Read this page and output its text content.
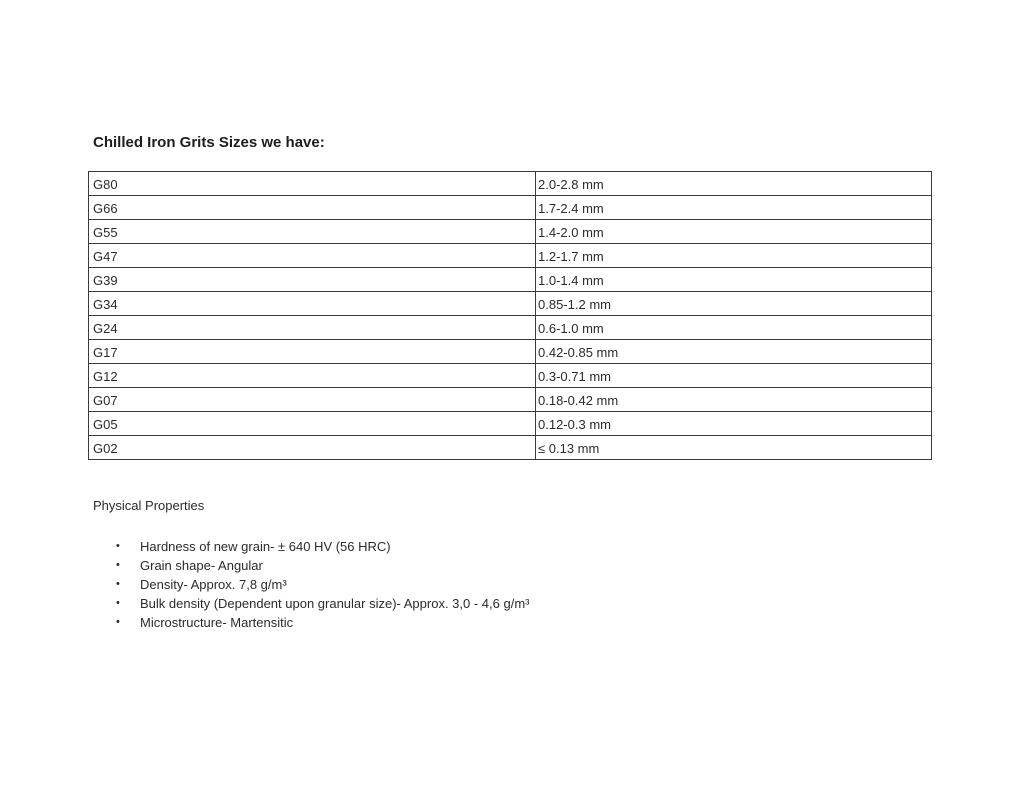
Chilled Iron Grits Sizes we have:
G80	2.0-2.8 mm
G66	1.7-2.4 mm
G55	1.4-2.0 mm
G47	1.2-1.7 mm
G39	1.0-1.4 mm
G34	0.85-1.2 mm
G24	0.6-1.0 mm
G17	0.42-0.85 mm
G12	0.3-0.71 mm
G07	0.18-0.42 mm
G05	0.12-0.3 mm
G02	≤ 0.13 mm

Physical Properties

• Hardness of new grain- ± 640 HV (56 HRC)
• Grain shape- Angular
• Density- Approx. 7,8 g/m³
• Bulk density (Dependent upon granular size)- Approx. 3,0 - 4,6 g/m³
• Microstructure- Martensitic
